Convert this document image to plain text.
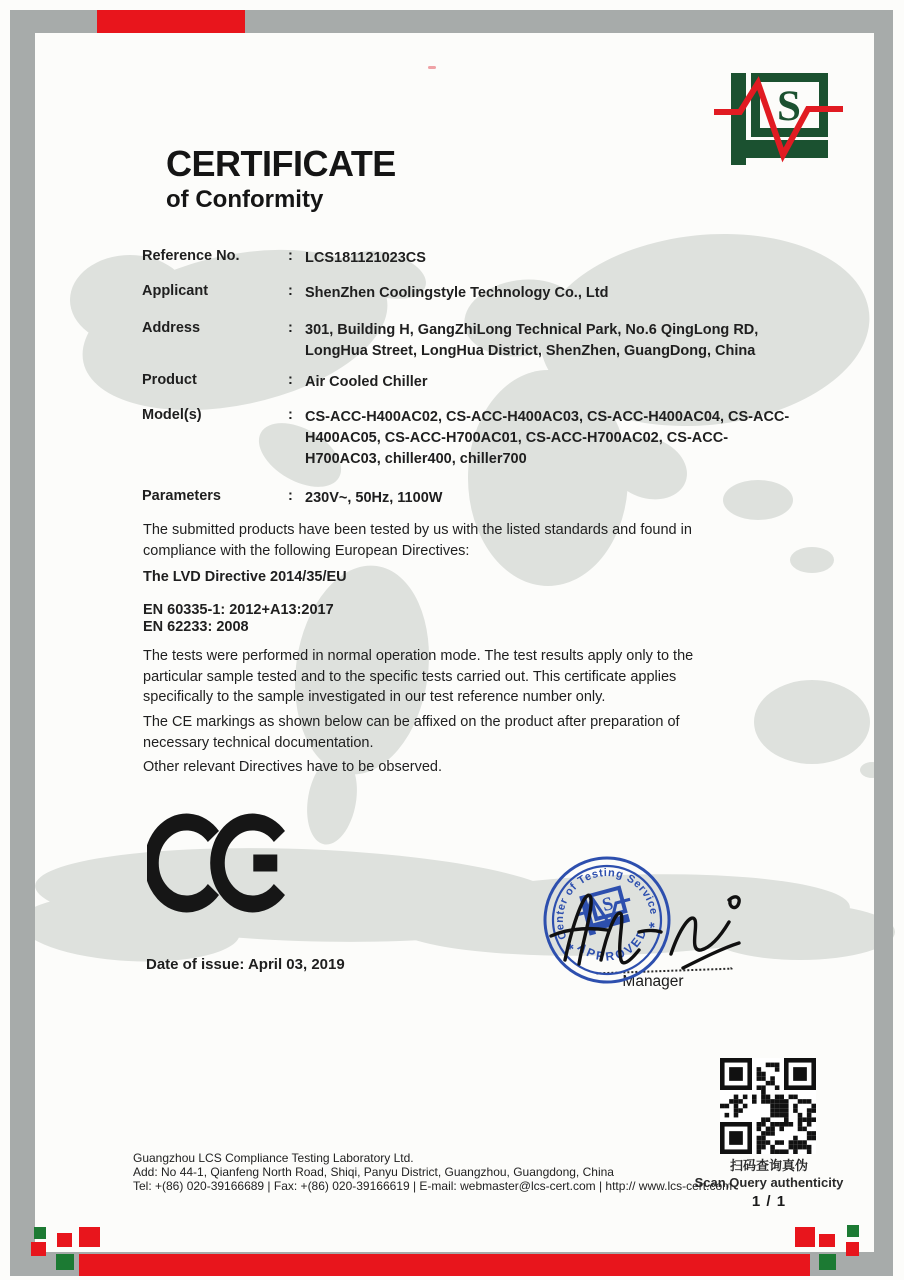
S
CERTIFICATE
of Conformity
Reference No.	: LCS181121023CS
Applicant	: ShenZhen Coolingstyle Technology Co., Ltd
Address	: 301, Building H, GangZhiLong Technical Park, No.6 QingLong RD, LongHua Street, LongHua District, ShenZhen, GuangDong, China
Product	: Air Cooled Chiller
Model(s)	: CS-ACC-H400AC02, CS-ACC-H400AC03, CS-ACC-H400AC04, CS-ACC-H400AC05, CS-ACC-H700AC01, CS-ACC-H700AC02, CS-ACC-H700AC03, chiller400, chiller700
Parameters	: 230V~, 50Hz, 1100W
The submitted products have been tested by us with the listed standards and found in compliance with the following European Directives:
The LVD Directive 2014/35/EU
EN 60335-1: 2012+A13:2017
EN 62233: 2008
The tests were performed in normal operation mode. The test results apply only to the particular sample tested and to the specific tests carried out. This certificate applies specifically to the sample investigated in our test reference number only.
The CE markings as shown below can be affixed on the product after preparation of necessary technical documentation.
Other relevant Directives have to be observed.
Date of issue: April 03, 2019
Center of Testing Service
APPROVED
*
*
S
Manager
扫码查询真伪
Scan,Query authenticity
1 / 1
Guangzhou LCS Compliance Testing Laboratory Ltd.
Add: No 44-1, Qianfeng North Road, Shiqi, Panyu District, Guangzhou, Guangdong, China
Tel: +(86) 020-39166689 | Fax: +(86) 020-39166619 | E-mail: webmaster@lcs-cert.com | http:// www.lcs-cert.com
